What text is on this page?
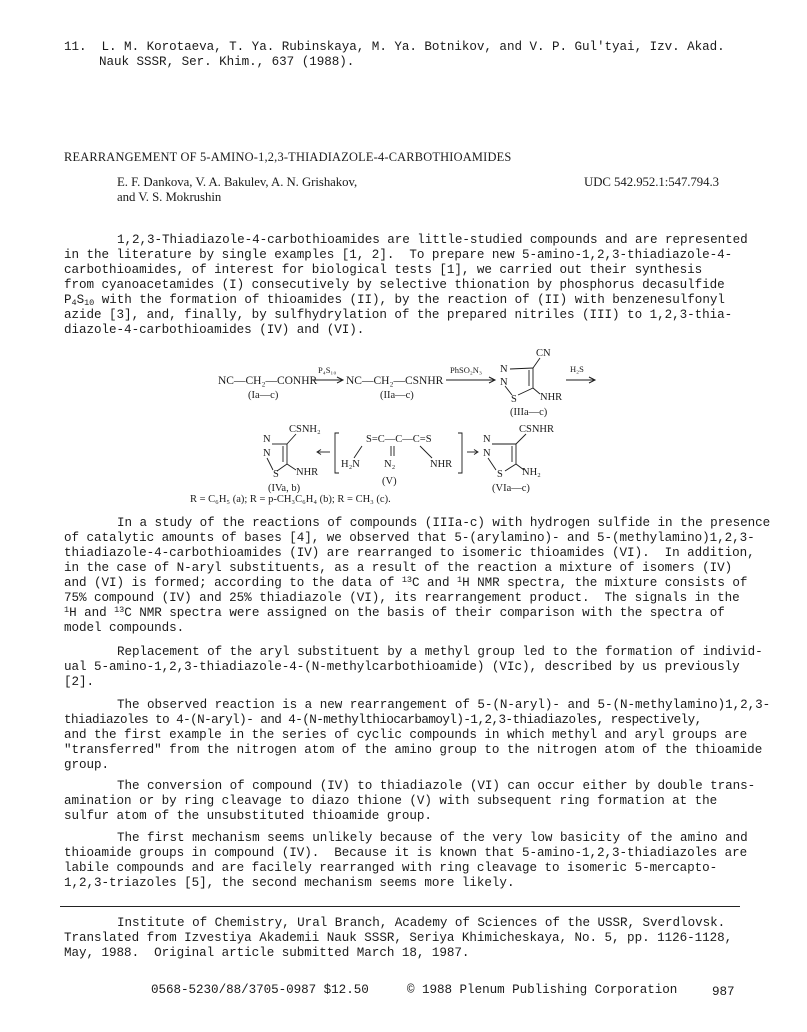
11.  L. M. Korotaeva, T. Ya. Rubinskaya, M. Ya. Botnikov, and V. P. Gul'tyai, Izv. Akad.
Nauk SSSR, Ser. Khim., 637 (1988).
REARRANGEMENT OF 5-AMINO-1,2,3-THIADIAZOLE-4-CARBOTHIOAMIDES
E. F. Dankova, V. A. Bakulev, A. N. Grishakov,
and V. S. Mokrushin
UDC 542.952.1:547.794.3
1,2,3-Thiadiazole-4-carbothioamides are little-studied compounds and are represented
in the literature by single examples [1, 2].  To prepare new 5-amino-1,2,3-thiadiazole-4-
carbothioamides, of interest for biological tests [1], we carried out their synthesis
from cyanoacetamides (I) consecutively by selective thionation by phosphorus decasulfide
$P_4S_{10}$ with the formation of thioamides (II), by the reaction of (II) with benzenesulfonyl
azide [3], and, finally, by sulfhydrylation of the prepared nitriles (III) to 1,2,3-thia-
diazole-4-carbothioamides (IV) and (VI).
NC—CH₂—CONHR
(Ia—c)
P₄S₁₀
NC—CH₂—CSNHR
(IIa—c)
PhSO₂N₃
CN
N
N
S NHR
(IIIa—c)
H₂S
CSNH₂
N
N
S NHR
(IVa, b)
S=C—C—C=S
H₂N N₂	NHR
(V)
CSNHR
N
N
S NH₂
(VIa—c)
R = C₆H₅ (a); R = p-CH₃C₆H₄ (b); R = CH₃ (c).
In a study of the reactions of compounds (IIIa-c) with hydrogen sulfide in the presence
of catalytic amounts of bases [4], we observed that 5-(arylamino)- and 5-(methylamino)1,2,3-
thiadiazole-4-carbothioamides (IV) are rearranged to isomeric thioamides (VI).  In addition,
in the case of N-aryl substituents, as a result of the reaction a mixture of isomers (IV)
and (VI) is formed; according to the data of $^{13}$C and $^1$H NMR spectra, the mixture consists of
75% compound (IV) and 25% thiadiazole (VI), its rearrangement product.  The signals in the
$^1$H and $^{13}$C NMR spectra were assigned on the basis of their comparison with the spectra of
model compounds.
Replacement of the aryl substituent by a methyl group led to the formation of individ-
ual 5-amino-1,2,3-thiadiazole-4-(N-methylcarbothioamide) (VIc), described by us previously
[2].
The observed reaction is a new rearrangement of 5-(N-aryl)- and 5-(N-methylamino)1,2,3-
thiadiazoles to 4-(N-aryl)- and 4-(N-methylthiocarbamoyl)-1,2,3-thiadiazoles, respectively,
and the first example in the series of cyclic compounds in which methyl and aryl groups are
"transferred" from the nitrogen atom of the amino group to the nitrogen atom of the thioamide
group.
The conversion of compound (IV) to thiadiazole (VI) can occur either by double trans-
amination or by ring cleavage to diazo thione (V) with subsequent ring formation at the
sulfur atom of the unsubstituted thioamide group.
The first mechanism seems unlikely because of the very low basicity of the amino and
thioamide groups in compound (IV).  Because it is known that 5-amino-1,2,3-thiadiazoles are
labile compounds and are facilely rearranged with ring cleavage to isomeric 5-mercapto-
1,2,3-triazoles [5], the second mechanism seems more likely.
Institute of Chemistry, Ural Branch, Academy of Sciences of the USSR, Sverdlovsk.
Translated from Izvestiya Akademii Nauk SSSR, Seriya Khimicheskaya, No. 5, pp. 1126-1128,
May, 1988.  Original article submitted March 18, 1987.
0568-5230/88/3705-0987 $12.50	© 1988 Plenum Publishing Corporation	987
